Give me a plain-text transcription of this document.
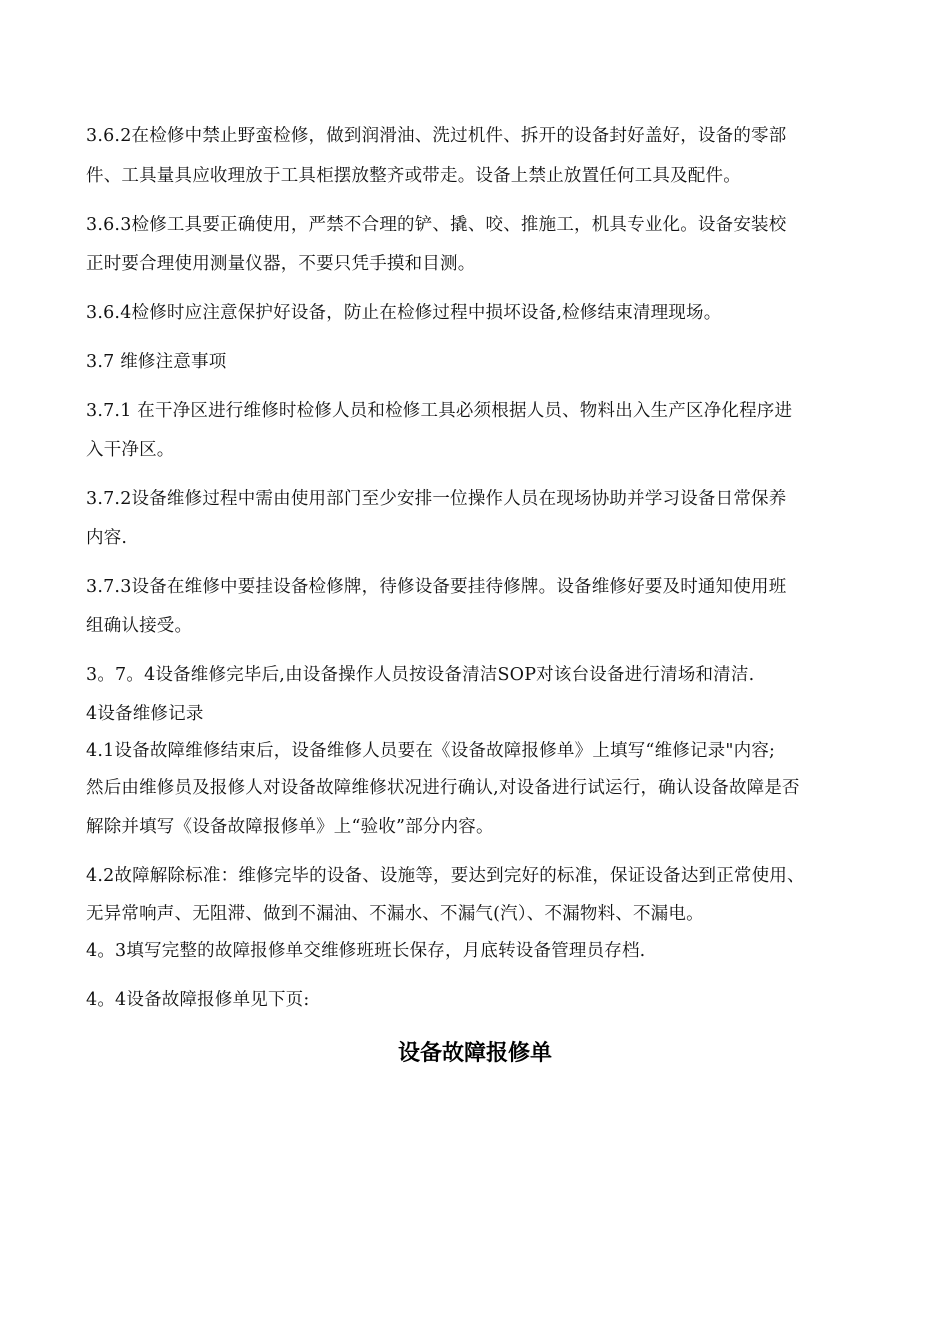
3.6.2在检修中禁止野蛮检修，做到润滑油、洗过机件、拆开的设备封好盖好，设备的零部
件、工具量具应收理放于工具柜摆放整齐或带走。设备上禁止放置任何工具及配件。
3.6.3检修工具要正确使用，严禁不合理的铲、撬、咬、推施工，机具专业化。设备安装校
正时要合理使用测量仪器，不要只凭手摸和目测。
3.6.4检修时应注意保护好设备，防止在检修过程中损坏设备,检修结束清理现场。
3.7 维修注意事项
3.7.1 在干净区进行维修时检修人员和检修工具必须根据人员、物料出入生产区净化程序进
入干净区。
3.7.2设备维修过程中需由使用部门至少安排一位操作人员在现场协助并学习设备日常保养
内容.
3.7.3设备在维修中要挂设备检修牌，待修设备要挂待修牌。设备维修好要及时通知使用班
组确认接受。
3。7。4设备维修完毕后,由设备操作人员按设备清洁SOP对该台设备进行清场和清洁.
4设备维修记录
4.1设备故障维修结束后，设备维修人员要在《设备故障报修单》上填写“维修记录"内容;
然后由维修员及报修人对设备故障维修状况进行确认,对设备进行试运行，确认设备故障是否
解除并填写《设备故障报修单》上“验收”部分内容。
4.2故障解除标准：维修完毕的设备、设施等，要达到完好的标准，保证设备达到正常使用、
无异常响声、无阻滞、做到不漏油、不漏水、不漏气(汽）、不漏物料、不漏电。
4。3填写完整的故障报修单交维修班班长保存，月底转设备管理员存档.
4。4设备故障报修单见下页:
设备故障报修单
